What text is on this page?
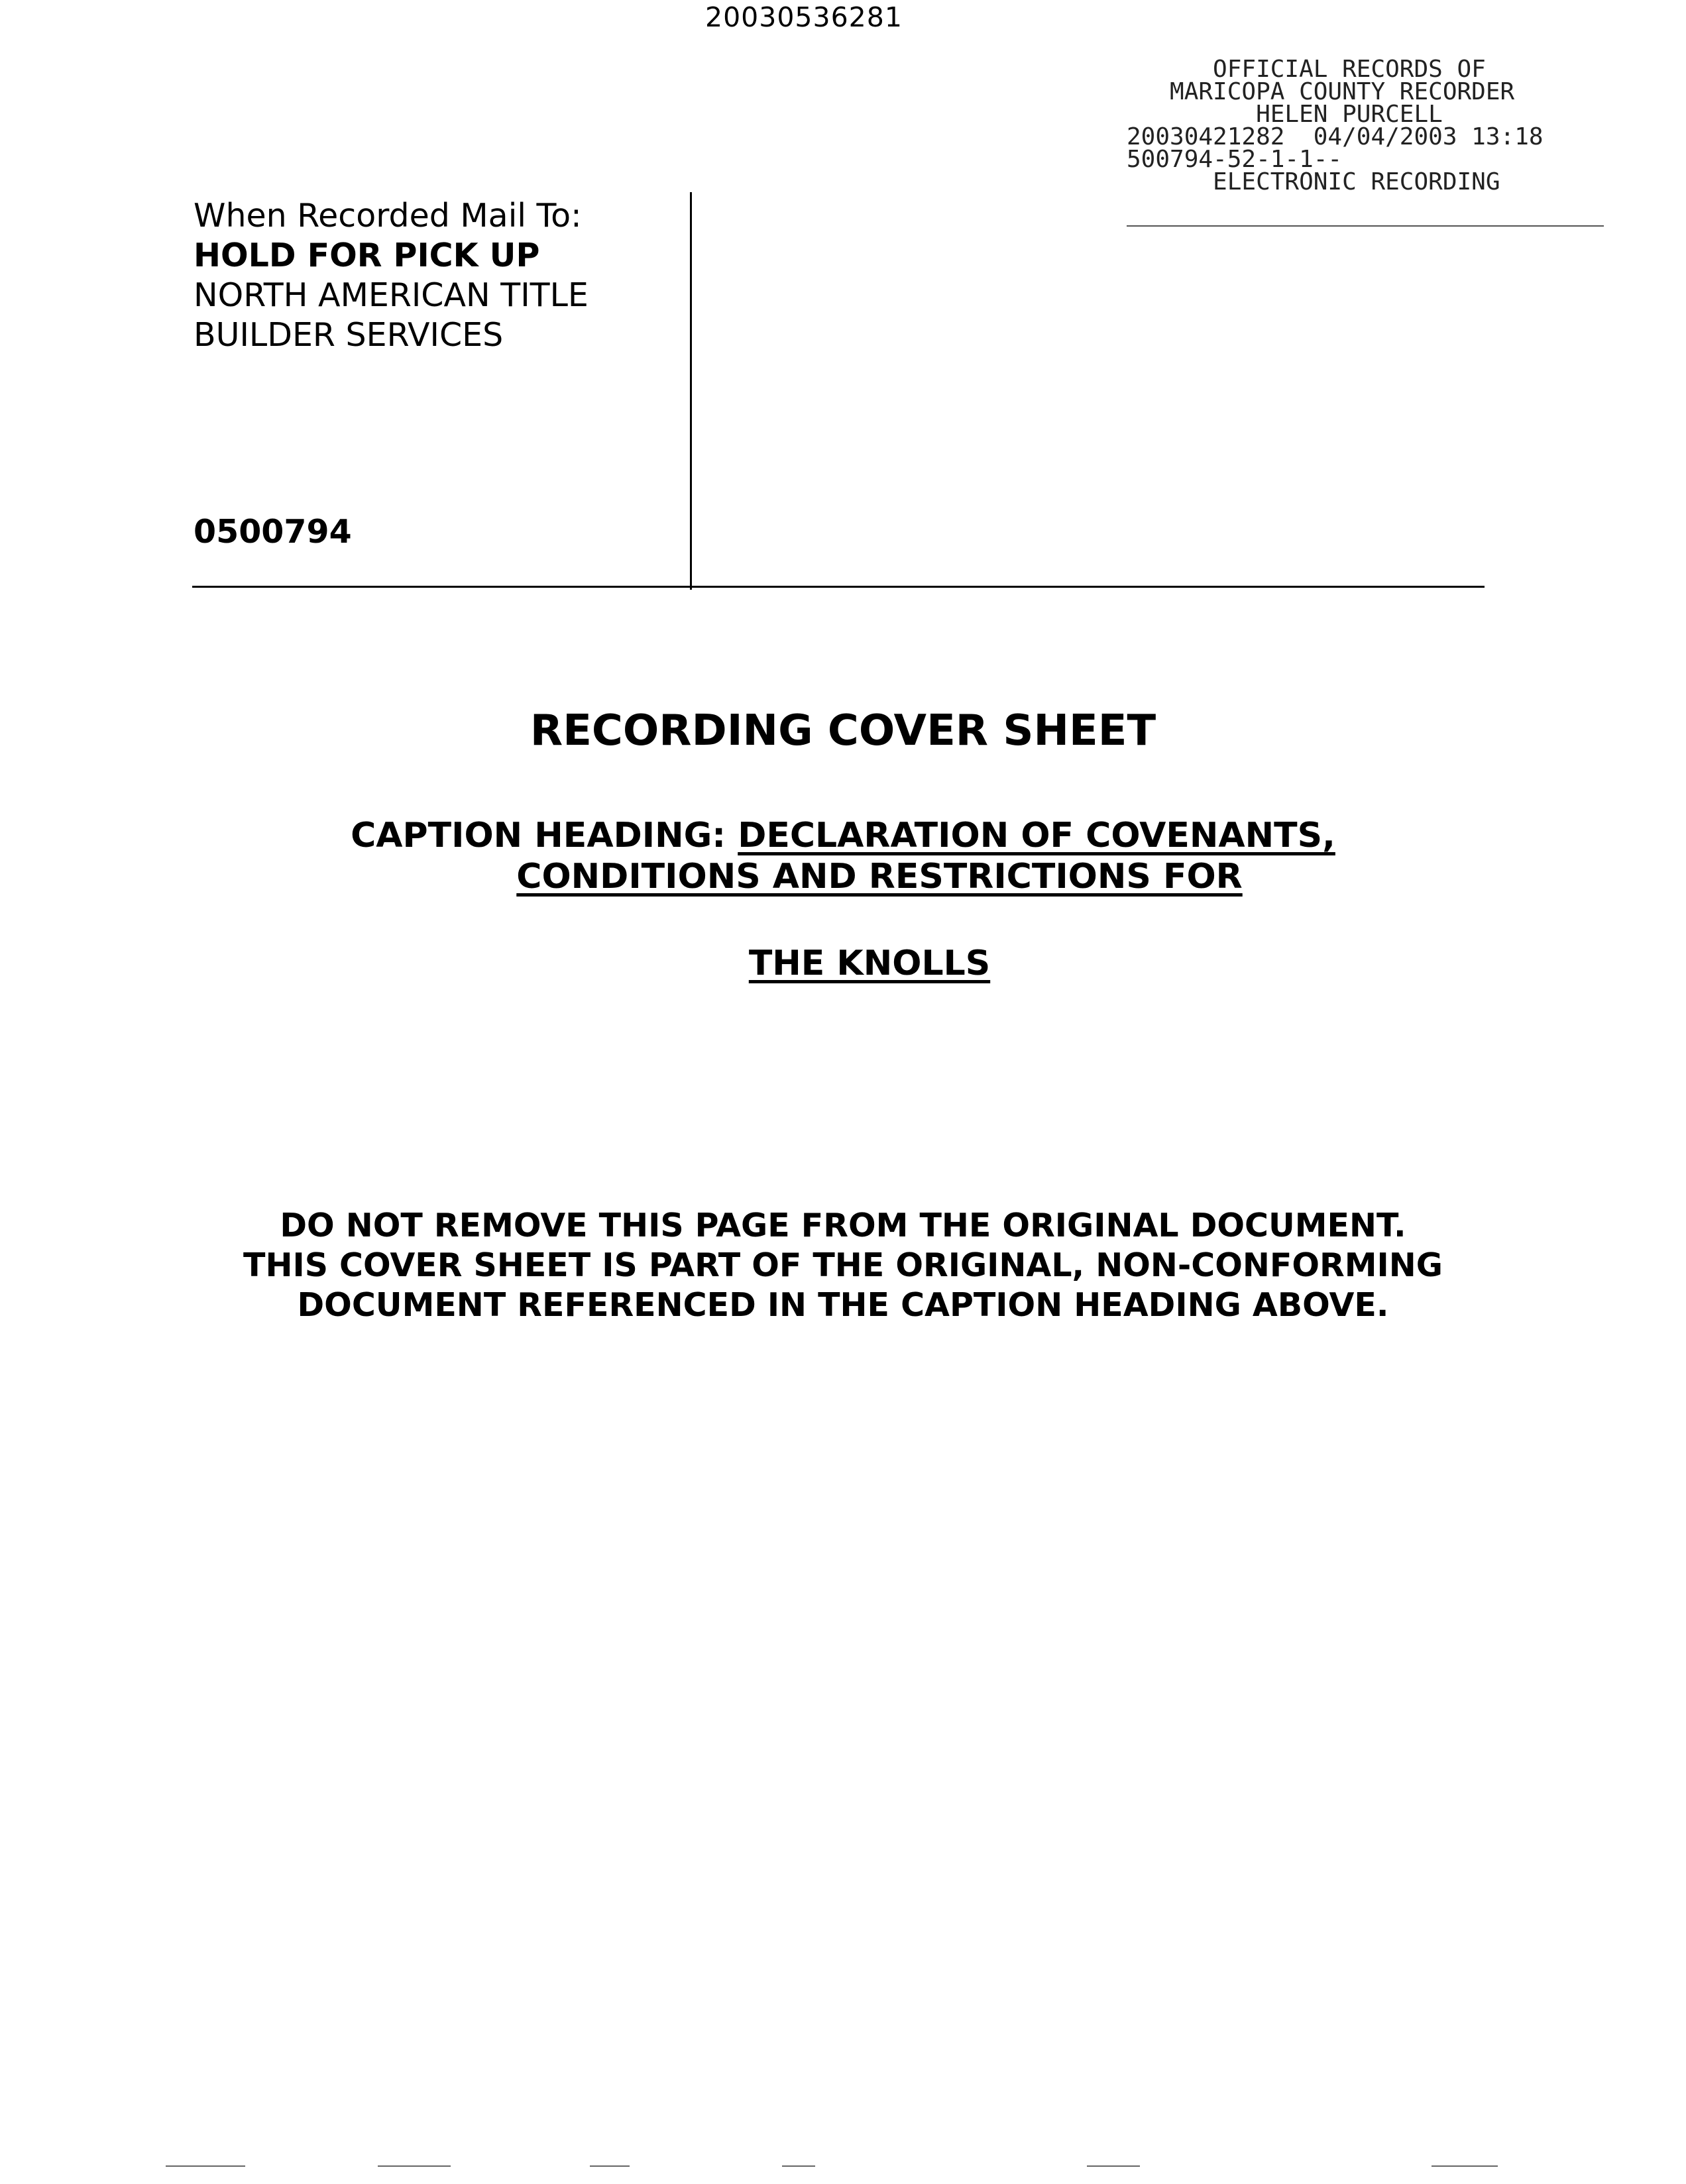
20030536281
OFFICIAL RECORDS OF
MARICOPA COUNTY RECORDER
HELEN PURCELL
20030421282  04/04/2003 13:18
500794-52-1-1--
ELECTRONIC RECORDING
When Recorded Mail To:
HOLD FOR PICK UP
NORTH AMERICAN TITLE
BUILDER SERVICES
0500794
RECORDING COVER SHEET
CAPTION HEADING: DECLARATION OF COVENANTS,
CONDITIONS AND RESTRICTIONS FOR
THE KNOLLS
DO NOT REMOVE THIS PAGE FROM THE ORIGINAL DOCUMENT.
THIS COVER SHEET IS PART OF THE ORIGINAL, NON-CONFORMING
DOCUMENT REFERENCED IN THE CAPTION HEADING ABOVE.
